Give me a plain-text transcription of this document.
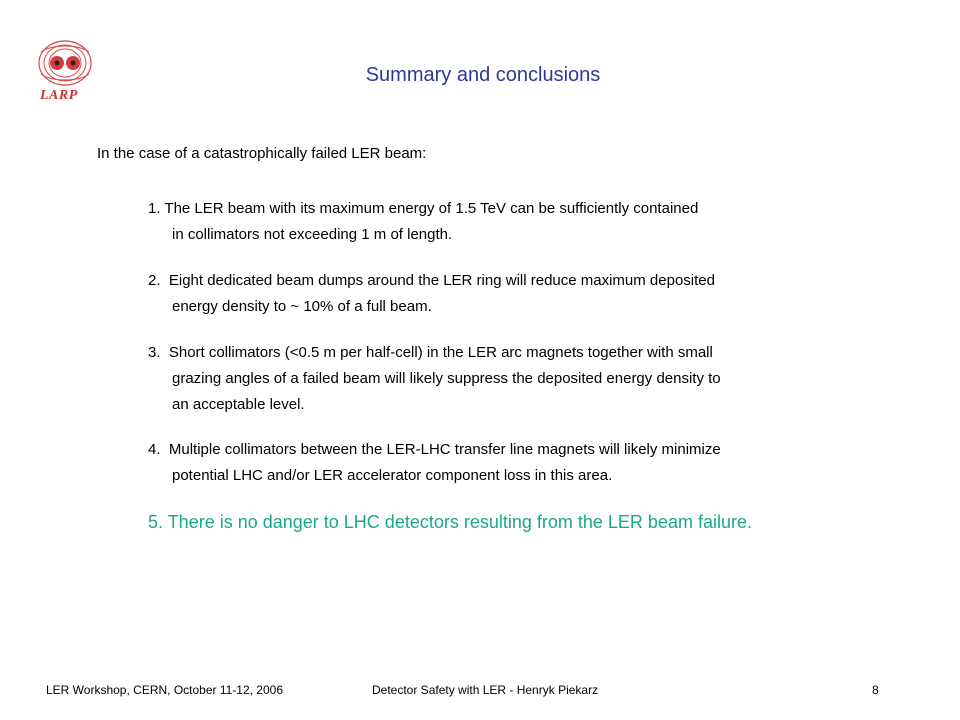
LARP
Summary and conclusions
In the case of a catastrophically failed LER beam:
1. The LER beam with its maximum energy of 1.5 TeV can be sufficiently contained
in collimators not exceeding 1 m of length.
2. Eight dedicated beam dumps around the LER ring will reduce maximum deposited
energy density to ~ 10% of a full beam.
3. Short collimators (<0.5 m per half-cell) in the LER arc magnets together with small
grazing angles of a failed beam will likely suppress the deposited energy density to
an acceptable level.
4. Multiple collimators between the LER-LHC transfer line magnets will likely minimize
potential LHC and/or LER accelerator component loss in this area.
5. There is no danger to LHC detectors resulting from the LER beam failure.
LER Workshop, CERN, October 11-12, 2006	Detector Safety with LER - Henryk Piekarz	8
